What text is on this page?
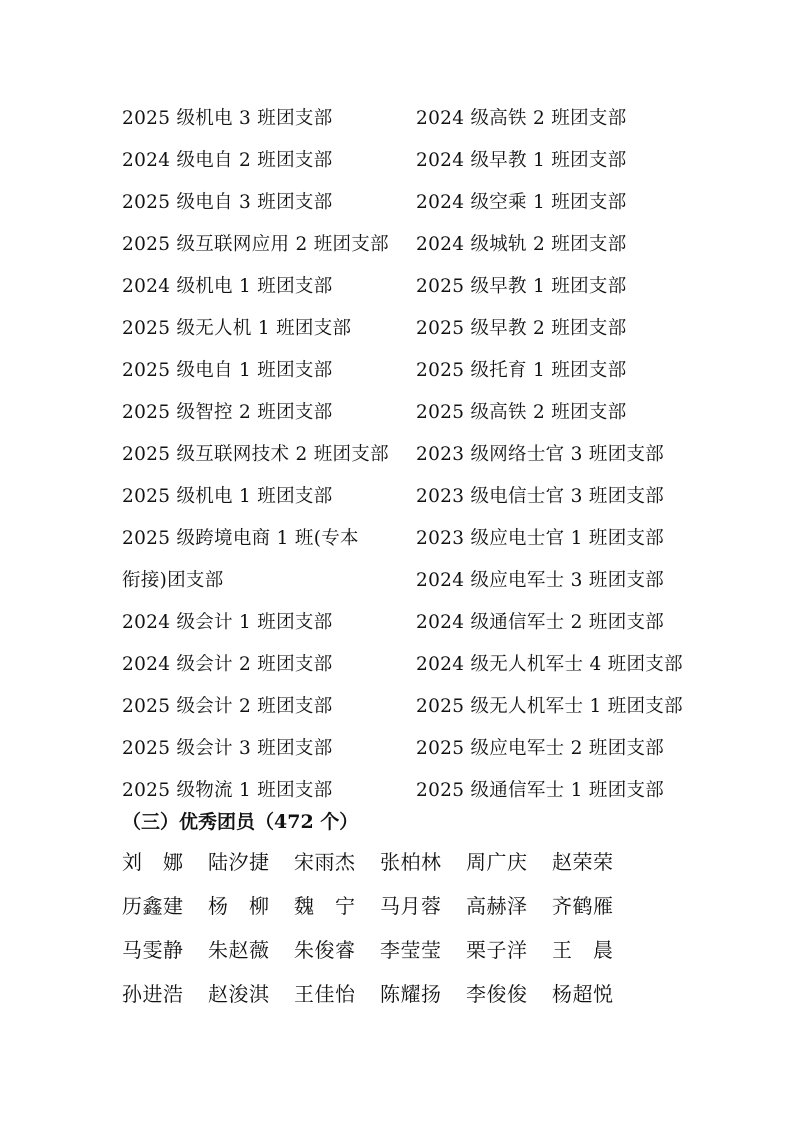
2025 级机电 3 班团支部
2024 级电自 2 班团支部
2025 级电自 3 班团支部
2025 级互联网应用 2 班团支部
2024 级机电 1 班团支部
2025 级无人机 1 班团支部
2025 级电自 1 班团支部
2025 级智控 2 班团支部
2025 级互联网技术 2 班团支部
2025 级机电 1 班团支部
2025 级跨境电商 1 班(专本
衔接)团支部
2024 级会计 1 班团支部
2024 级会计 2 班团支部
2025 级会计 2 班团支部
2025 级会计 3 班团支部
2025 级物流 1 班团支部
2024 级高铁 2 班团支部
2024 级早教 1 班团支部
2024 级空乘 1 班团支部
2024 级城轨 2 班团支部
2025 级早教 1 班团支部
2025 级早教 2 班团支部
2025 级托育 1 班团支部
2025 级高铁 2 班团支部
2023 级网络士官 3 班团支部
2023 级电信士官 3 班团支部
2023 级应电士官 1 班团支部
2024 级应电军士 3 班团支部
2024 级通信军士 2 班团支部
2024 级无人机军士 4 班团支部
2025 级无人机军士 1 班团支部
2025 级应电军士 2 班团支部
2025 级通信军士 1 班团支部
（三）优秀团员（472 个）
刘　娜 陆汐捷 宋雨杰 张柏林 周广庆 赵荣荣
历鑫建 杨　柳 魏　宁 马月蓉 高赫泽 齐鹤雁
马雯静 朱赵薇 朱俊睿 李莹莹 栗子洋 王　晨
孙进浩 赵浚淇 王佳怡 陈耀扬 李俊俊 杨超悦
